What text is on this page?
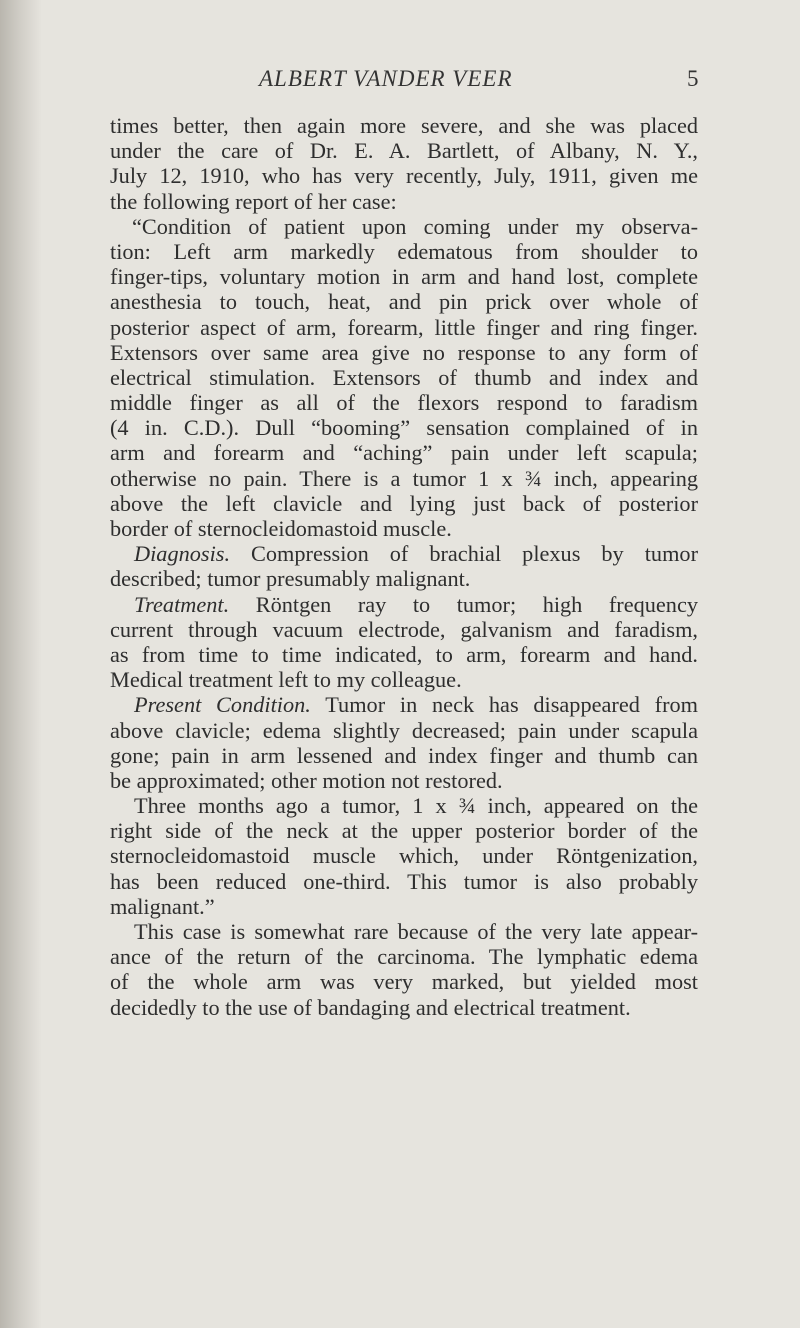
ALBERT VANDER VEER	5
times better, then again more severe, and she was placed
under the care of Dr. E. A. Bartlett, of Albany, N. Y.,
July 12, 1910, who has very recently, July, 1911, given me
the following report of her case:
“Condition of patient upon coming under my observa-
tion: Left arm markedly edematous from shoulder to
finger-tips, voluntary motion in arm and hand lost, complete
anesthesia to touch, heat, and pin prick over whole of
posterior aspect of arm, forearm, little finger and ring finger.
Extensors over same area give no response to any form of
electrical stimulation. Extensors of thumb and index and
middle finger as all of the flexors respond to faradism
(4 in. C.D.). Dull “booming” sensation complained of in
arm and forearm and “aching” pain under left scapula;
otherwise no pain. There is a tumor 1 x ¾ inch, appearing
above the left clavicle and lying just back of posterior
border of sternocleidomastoid muscle.
Diagnosis. Compression of brachial plexus by tumor
described; tumor presumably malignant.
Treatment. Röntgen ray to tumor; high frequency
current through vacuum electrode, galvanism and faradism,
as from time to time indicated, to arm, forearm and hand.
Medical treatment left to my colleague.
Present Condition. Tumor in neck has disappeared from
above clavicle; edema slightly decreased; pain under scapula
gone; pain in arm lessened and index finger and thumb can
be approximated; other motion not restored.
Three months ago a tumor, 1 x ¾ inch, appeared on the
right side of the neck at the upper posterior border of the
sternocleidomastoid muscle which, under Röntgenization,
has been reduced one-third. This tumor is also probably
malignant.”
This case is somewhat rare because of the very late appear-
ance of the return of the carcinoma. The lymphatic edema
of the whole arm was very marked, but yielded most
decidedly to the use of bandaging and electrical treatment.
